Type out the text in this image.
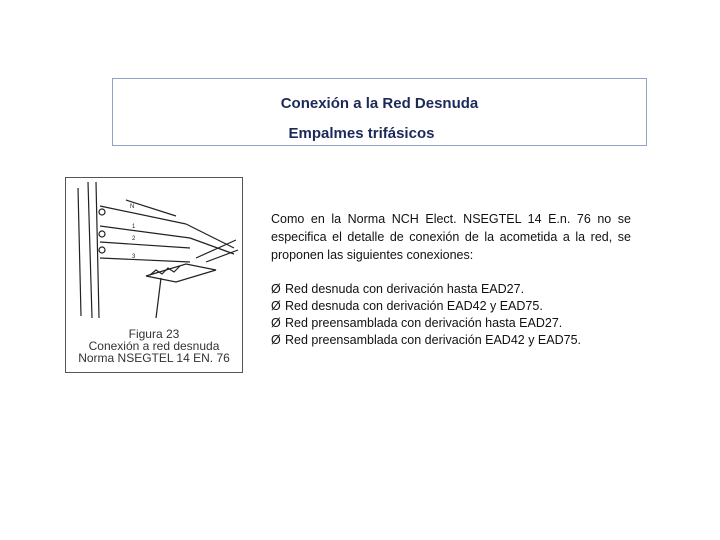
Conexión a la Red Desnuda
Empalmes trifásicos
N
1
2
3
Figura 23
Conexión a red desnuda
Norma NSEGTEL 14 EN. 76
Como en la Norma NCH Elect. NSEGTEL 14 E.n. 76 no se especifica el detalle de conexión de la acometida a la red, se proponen las siguientes conexiones:
Ø Red desnuda con derivación hasta EAD27.
Ø Red desnuda con derivación EAD42 y EAD75.
Ø Red preensamblada con derivación hasta EAD27.
Ø Red preensamblada con derivación EAD42 y EAD75.
